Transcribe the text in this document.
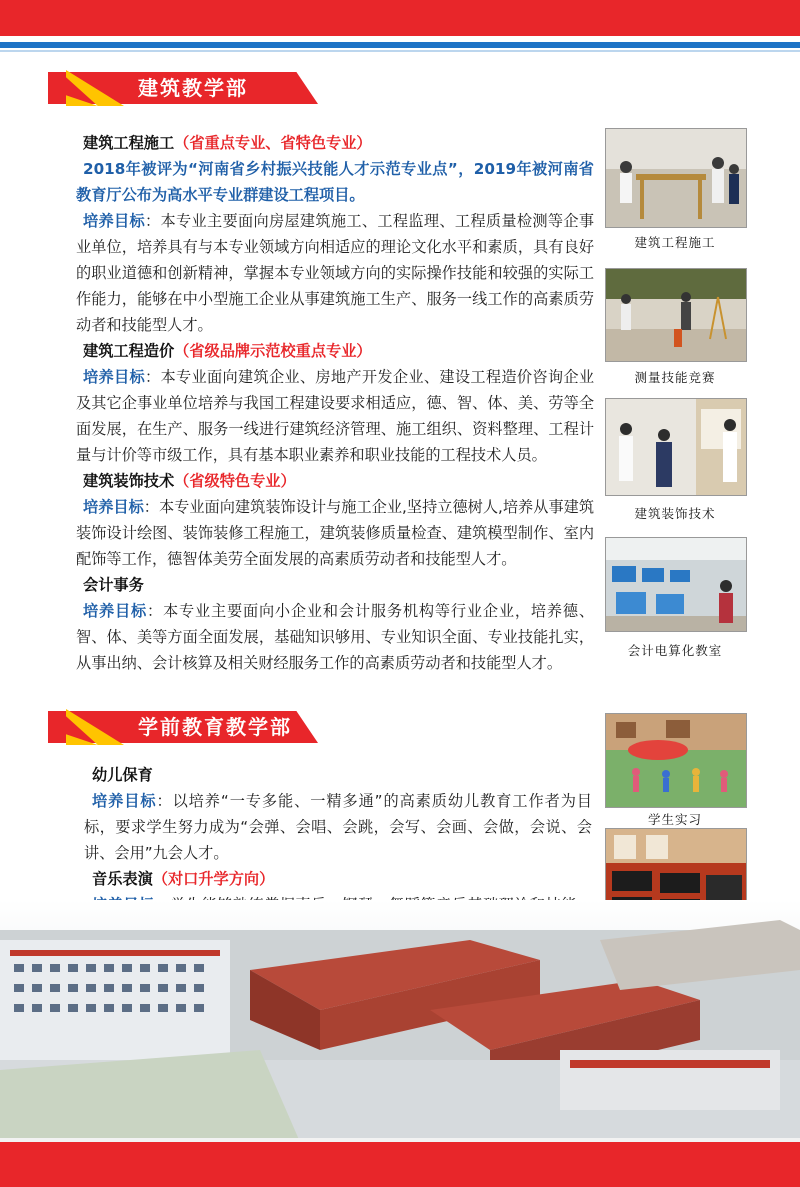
建筑教学部

建筑工程施工（省重点专业、省特色专业）

2018年被评为“河南省乡村振兴技能人才示范专业点”，2019年被河南省教育厅公布为高水平专业群建设工程项目。

培养目标：本专业主要面向房屋建筑施工、工程监理、工程质量检测等企事业单位，培养具有与本专业领域方向相适应的理论文化水平和素质，具有良好的职业道德和创新精神，掌握本专业领域方向的实际操作技能和较强的实际工作能力，能够在中小型施工企业从事建筑施工生产、服务一线工作的高素质劳动者和技能型人才。

建筑工程造价（省级品牌示范校重点专业）

培养目标：本专业面向建筑企业、房地产开发企业、建设工程造价咨询企业及其它企事业单位培养与我国工程建设要求相适应，德、智、体、美、劳等全面发展，在生产、服务一线进行建筑经济管理、施工组织、资料整理、工程计量与计价等市级工作，具有基本职业素养和职业技能的工程技术人员。

建筑装饰技术（省级特色专业）

培养目标：本专业面向建筑装饰设计与施工企业,坚持立德树人,培养从事建筑装饰设计绘图、装饰装修工程施工，建筑装修质量检查、建筑模型制作、室内配饰等工作，德智体美劳全面发展的高素质劳动者和技能型人才。

会计事务

培养目标：本专业主要面向小企业和会计服务机构等行业企业，培养德、智、体、美等方面全面发展，基础知识够用、专业知识全面、专业技能扎实，从事出纳、会计核算及相关财经服务工作的高素质劳动者和技能型人才。

建筑工程施工
测量技能竞赛
建筑装饰技术
会计电算化教室
学前教育教学部

幼儿保育

培养目标：以培养“一专多能、一精多通”的高素质幼儿教育工作者为目标，要求学生努力成为“会弹、会唱、会跳，会写、会画、会做，会说、会讲、会用”九会人才。

音乐表演（对口升学方向）

学生实习
